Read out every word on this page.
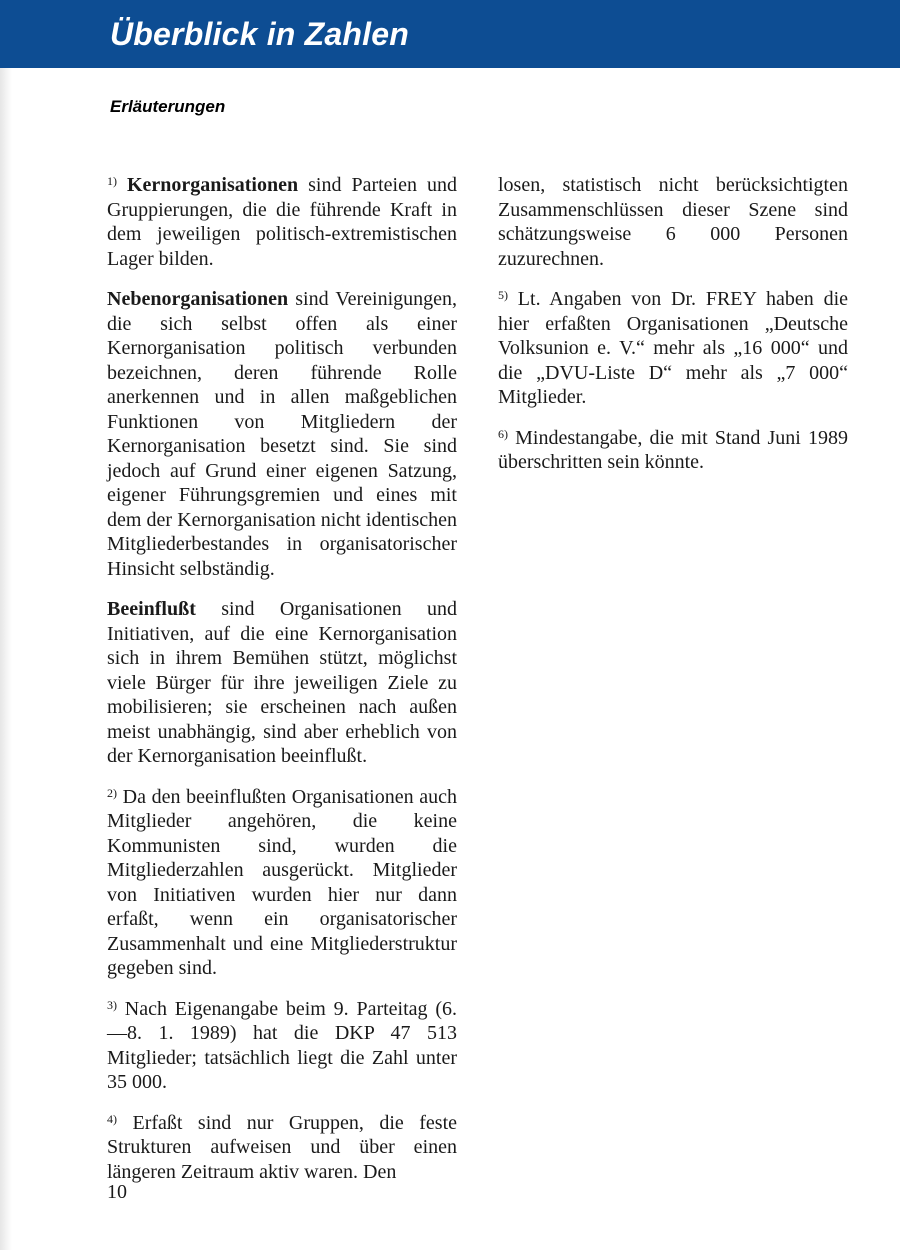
Überblick in Zahlen
Erläuterungen

$^{1)}$ Kernorganisationen sind Parteien und Gruppierungen, die die führende Kraft in dem jeweiligen politisch-extremistischen Lager bilden.

Nebenorganisationen sind Vereinigungen, die sich selbst offen als einer Kernorganisation politisch verbunden bezeichnen, deren führende Rolle anerkennen und in allen maßgeblichen Funktionen von Mitgliedern der Kernorganisation besetzt sind. Sie sind jedoch auf Grund einer eigenen Satzung, eigener Führungsgremien und eines mit dem der Kernorganisation nicht identischen Mitgliederbestandes in organisatorischer Hinsicht selbständig.

Beeinflußt sind Organisationen und Initiativen, auf die eine Kernorganisation sich in ihrem Bemühen stützt, möglichst viele Bürger für ihre jeweiligen Ziele zu mobilisieren; sie erscheinen nach außen meist unabhängig, sind aber erheblich von der Kernorganisation beeinflußt.

$^{2)}$ Da den beeinflußten Organisationen auch Mitglieder angehören, die keine Kommunisten sind, wurden die Mitgliederzahlen ausgerückt. Mitglieder von Initiativen wurden hier nur dann erfaßt, wenn ein organisatorischer Zusammenhalt und eine Mitgliederstruktur gegeben sind.

$^{3)}$ Nach Eigenangabe beim 9. Parteitag (6.—8. 1. 1989) hat die DKP 47 513 Mitglieder; tatsächlich liegt die Zahl unter 35 000.

$^{4)}$ Erfaßt sind nur Gruppen, die feste Strukturen aufweisen und über einen längeren Zeitraum aktiv waren. Den

losen, statistisch nicht berücksichtigten Zusammenschlüssen dieser Szene sind schätzungsweise 6 000 Personen zuzurechnen.

$^{5)}$ Lt. Angaben von Dr. FREY haben die hier erfaßten Organisationen „Deutsche Volksunion e. V.“ mehr als „16 000“ und die „DVU-Liste D“ mehr als „7 000“ Mitglieder.

$^{6)}$ Mindestangabe, die mit Stand Juni 1989 überschritten sein könnte.

10
